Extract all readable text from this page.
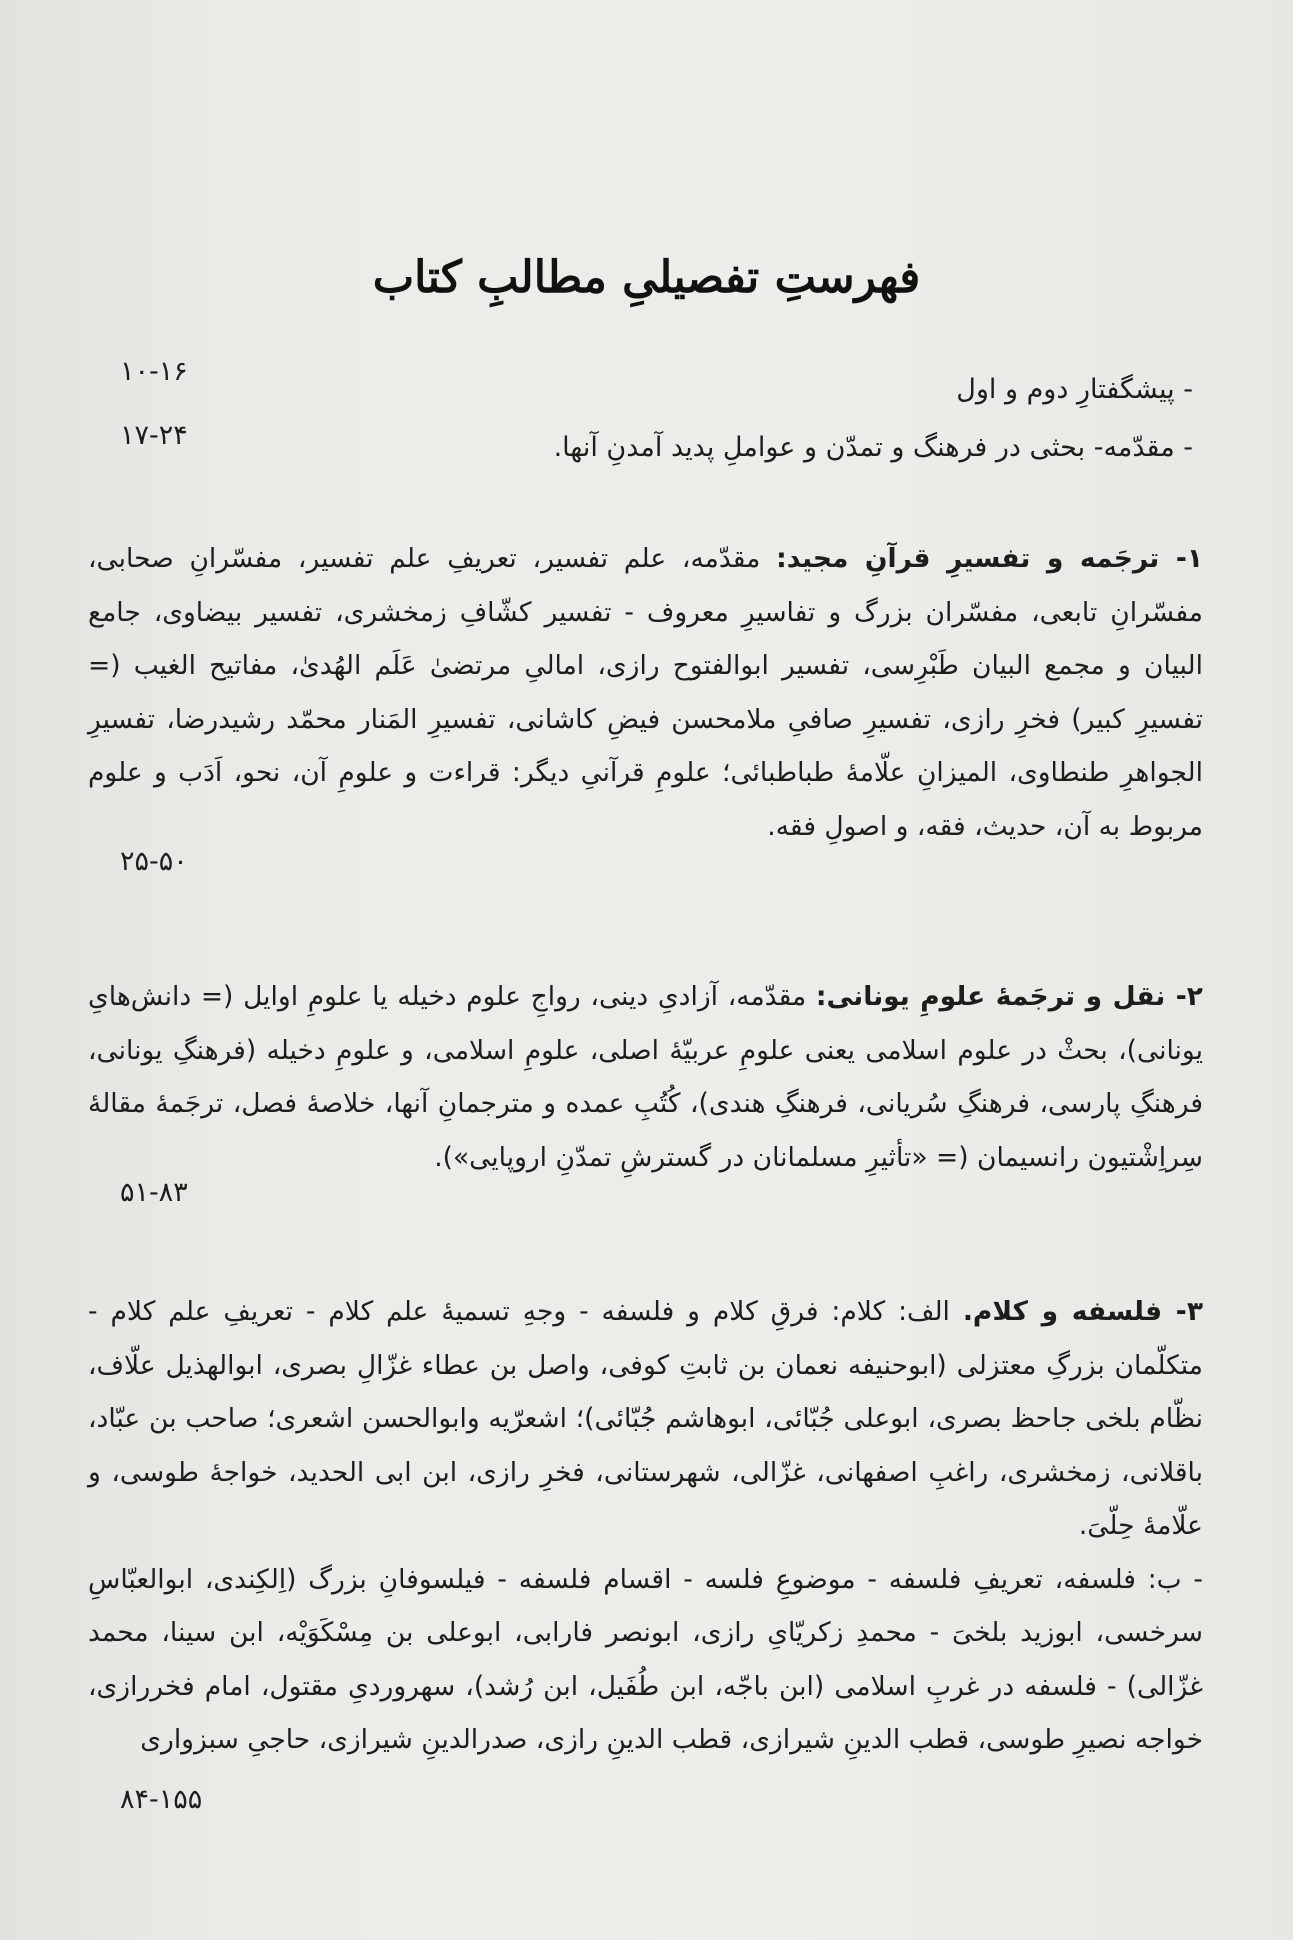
فهرستِ تفصیلیِ مطالبِ کتاب
- پیشگفتارِ دوم و اول
۱۰-۱۶
- مقدّمه- بحثی در فرهنگ و تمدّن و عواملِ پدید آمدنِ آنها.
۱۷-۲۴

۱- ترجَمه و تفسیرِ قرآنِ مجید: مقدّمه، علم تفسیر، تعریفِ علم تفسیر، مفسّرانِ صحابی، مفسّرانِ تابعی، مفسّران بزرگ و تفاسیرِ معروف - تفسیر کشّافِ زمخشری، تفسیر بیضاوی، جامع البیان و مجمع البیان طَبْرِسی، تفسیر ابوالفتوح رازی، امالیِ مرتضیٰ عَلَم الهُدیٰ، مفاتیح الغیب (= تفسیرِ کبیر) فخرِ رازی، تفسیرِ صافیِ ملامحسن فیضِ کاشانی، تفسیرِ المَنار محمّد رشیدرضا، تفسیرِ الجواهرِ طنطاوی، المیزانِ علّامهٔ طباطبائی؛ علومِ قرآنیِ دیگر: قراءت و علومِ آن، نحو، اَدَب و علوم مربوط به آن، حدیث، فقه، و اصولِ فقه.

۲۵-۵۰

۲- نقل و ترجَمهٔ علومِ یونانی: مقدّمه، آزادیِ دینی، رواجِ علوم دخیله یا علومِ اوایل (= دانش‌هایِ یونانی)، بحثْ در علوم اسلامی یعنی علومِ عربیّهٔ اصلی، علومِ اسلامی، و علومِ دخیله (فرهنگِ یونانی، فرهنگِ پارسی، فرهنگِ سُریانی، فرهنگِ هندی)، کُتُبِ عمده و مترجمانِ آنها، خلاصهٔ فصل، ترجَمهٔ مقالهٔ سِراِشْتیون رانسیمان (= «تأثیرِ مسلمانان در گسترشِ تمدّنِ اروپایی»).

۵۱-۸۳

۳- فلسفه و کلام. الف: کلام: فرقِ کلام و فلسفه - وجهِ تسمیهٔ علم کلام - تعریفِ علم کلام - متکلّمان بزرگِ معتزلی (ابوحنیفه نعمان بن ثابتِ کوفی، واصل بن عطاء غزّالِ بصری، ابوالهذیل علّاف، نظّام بلخی جاحظ بصری، ابوعلی جُبّائی، ابوهاشم جُبّائی)؛ اشعرّیه وابوالحسن اشعری؛ صاحب بن عبّاد، باقلانی، زمخشری، راغبِ اصفهانی، غزّالی، شهرستانی، فخرِ رازی، ابن ابی الحدید، خواجهٔ طوسی، و علّامهٔ حِلّیَ.

- ب: فلسفه، تعریفِ فلسفه - موضوعِ فلسه - اقسام فلسفه - فیلسوفانِ بزرگ (اِلکِندی، ابوالعبّاسِ سرخسی، ابوزید بلخیَ - محمدِ زکریّایِ رازی، ابونصر فارابی، ابوعلی بن مِسْکَوَیْه، ابن سینا، محمد غزّالی) - فلسفه در غربِ اسلامی (ابن باجّه، ابن طُفَیل، ابن رُشد)، سهروردیِ مقتول، امام فخررازی، خواجه نصیرِ طوسی، قطب الدینِ شیرازی، قطب الدینِ رازی، صدرالدینِ شیرازی، حاجیِ سبزواری

۸۴-۱۵۵
